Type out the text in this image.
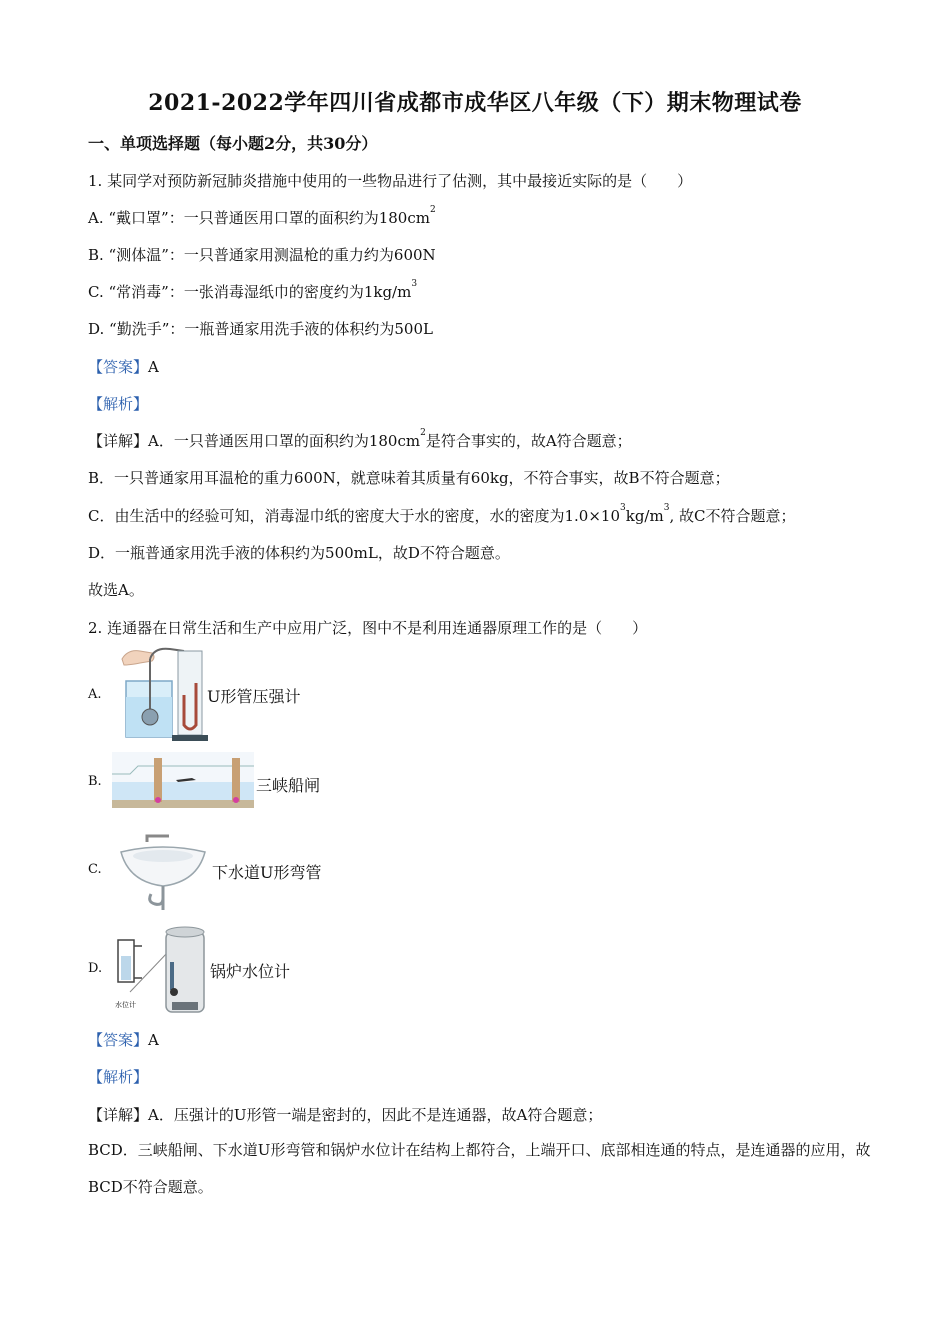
2021-2022学年四川省成都市成华区八年级（下）期末物理试卷
一、单项选择题（每小题2分，共30分）
1. 某同学对预防新冠肺炎措施中使用的一些物品进行了估测，其中最接近实际的是（　　）
A. “戴口罩”：一只普通医用口罩的面积约为$180cm^2$
B. “测体温”：一只普通家用测温枪的重力约为600N
C. “常消毒”：一张消毒湿纸巾的密度约为$1kg/m^3$
D. “勤洗手”：一瓶普通家用洗手液的体积约为500L
【答案】A
【解析】
【详解】A．一只普通医用口罩的面积约为$180cm^2$是符合事实的，故A符合题意；
B．一只普通家用耳温枪的重力600N，就意味着其质量有60kg，不符合事实，故B不符合题意；
C．由生活中的经验可知，消毒湿巾纸的密度大于水的密度，水的密度为$1.0\times 10^3kg/m^3$, 故C不符合题意；
D．一瓶普通家用洗手液的体积约为500mL，故D不符合题意。
故选A。
2. 连通器在日常生活和生产中应用广泛，图中不是利用连通器原理工作的是（　　）
A.	U形管压强计
B.	三峡船闸
C.	下水道U形弯管
D.
水位计
锅炉水位计
【答案】A
【解析】
【详解】A．压强计的U形管一端是密封的，因此不是连通器，故A符合题意；
BCD．三峡船闸、下水道U形弯管和锅炉水位计在结构上都符合，上端开口、底部相连通的特点，是连通器的应用，故BCD不符合题意。
